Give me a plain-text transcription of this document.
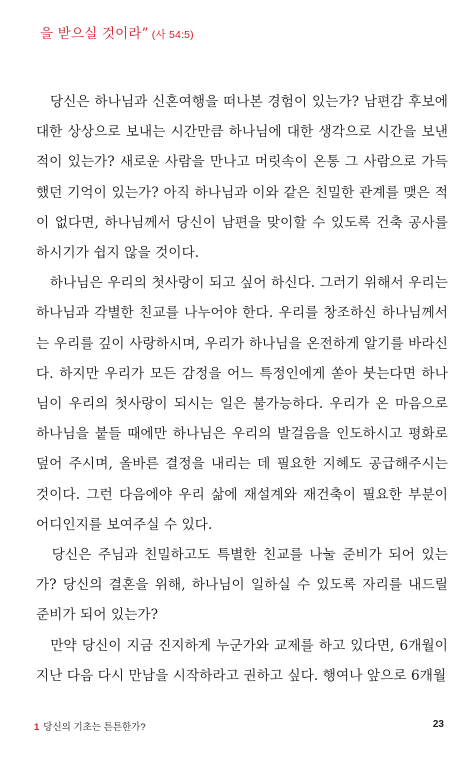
을 받으실 것이라” (사 54:5)

　당신은 하나님과 신혼여행을 떠나본 경험이 있는가? 남편감 후보에 대한 상상으로 보내는 시간만큼 하나님에 대한 생각으로 시간을 보낸 적이 있는가? 새로운 사람을 만나고 머릿속이 온통 그 사람으로 가득했던 기억이 있는가? 아직 하나님과 이와 같은 친밀한 관계를 맺은 적이 없다면, 하나님께서 당신이 남편을 맞이할 수 있도록 건축 공사를 하시기가 쉽지 않을 것이다.

　하나님은 우리의 첫사랑이 되고 싶어 하신다. 그러기 위해서 우리는 하나님과 각별한 친교를 나누어야 한다. 우리를 창조하신 하나님께서는 우리를 깊이 사랑하시며, 우리가 하나님을 온전하게 알기를 바라신다. 하지만 우리가 모든 감정을 어느 특정인에게 쏟아 붓는다면 하나님이 우리의 첫사랑이 되시는 일은 불가능하다. 우리가 온 마음으로 하나님을 붙들 때에만 하나님은 우리의 발걸음을 인도하시고 평화로 덮어 주시며, 올바른 결정을 내리는 데 필요한 지혜도 공급해주시는 것이다. 그런 다음에야 우리 삶에 재설계와 재건축이 필요한 부분이 어디인지를 보여주실 수 있다.

　당신은 주님과 친밀하고도 특별한 친교를 나눌 준비가 되어 있는가? 당신의 결혼을 위해, 하나님이 일하실 수 있도록 자리를 내드릴 준비가 되어 있는가?

　만약 당신이 지금 진지하게 누군가와 교제를 하고 있다면, 6개월이 지난 다음 다시 만남을 시작하라고 권하고 싶다. 행여나 앞으로 6개월

1 당신의 기초는 튼튼한가?	23
